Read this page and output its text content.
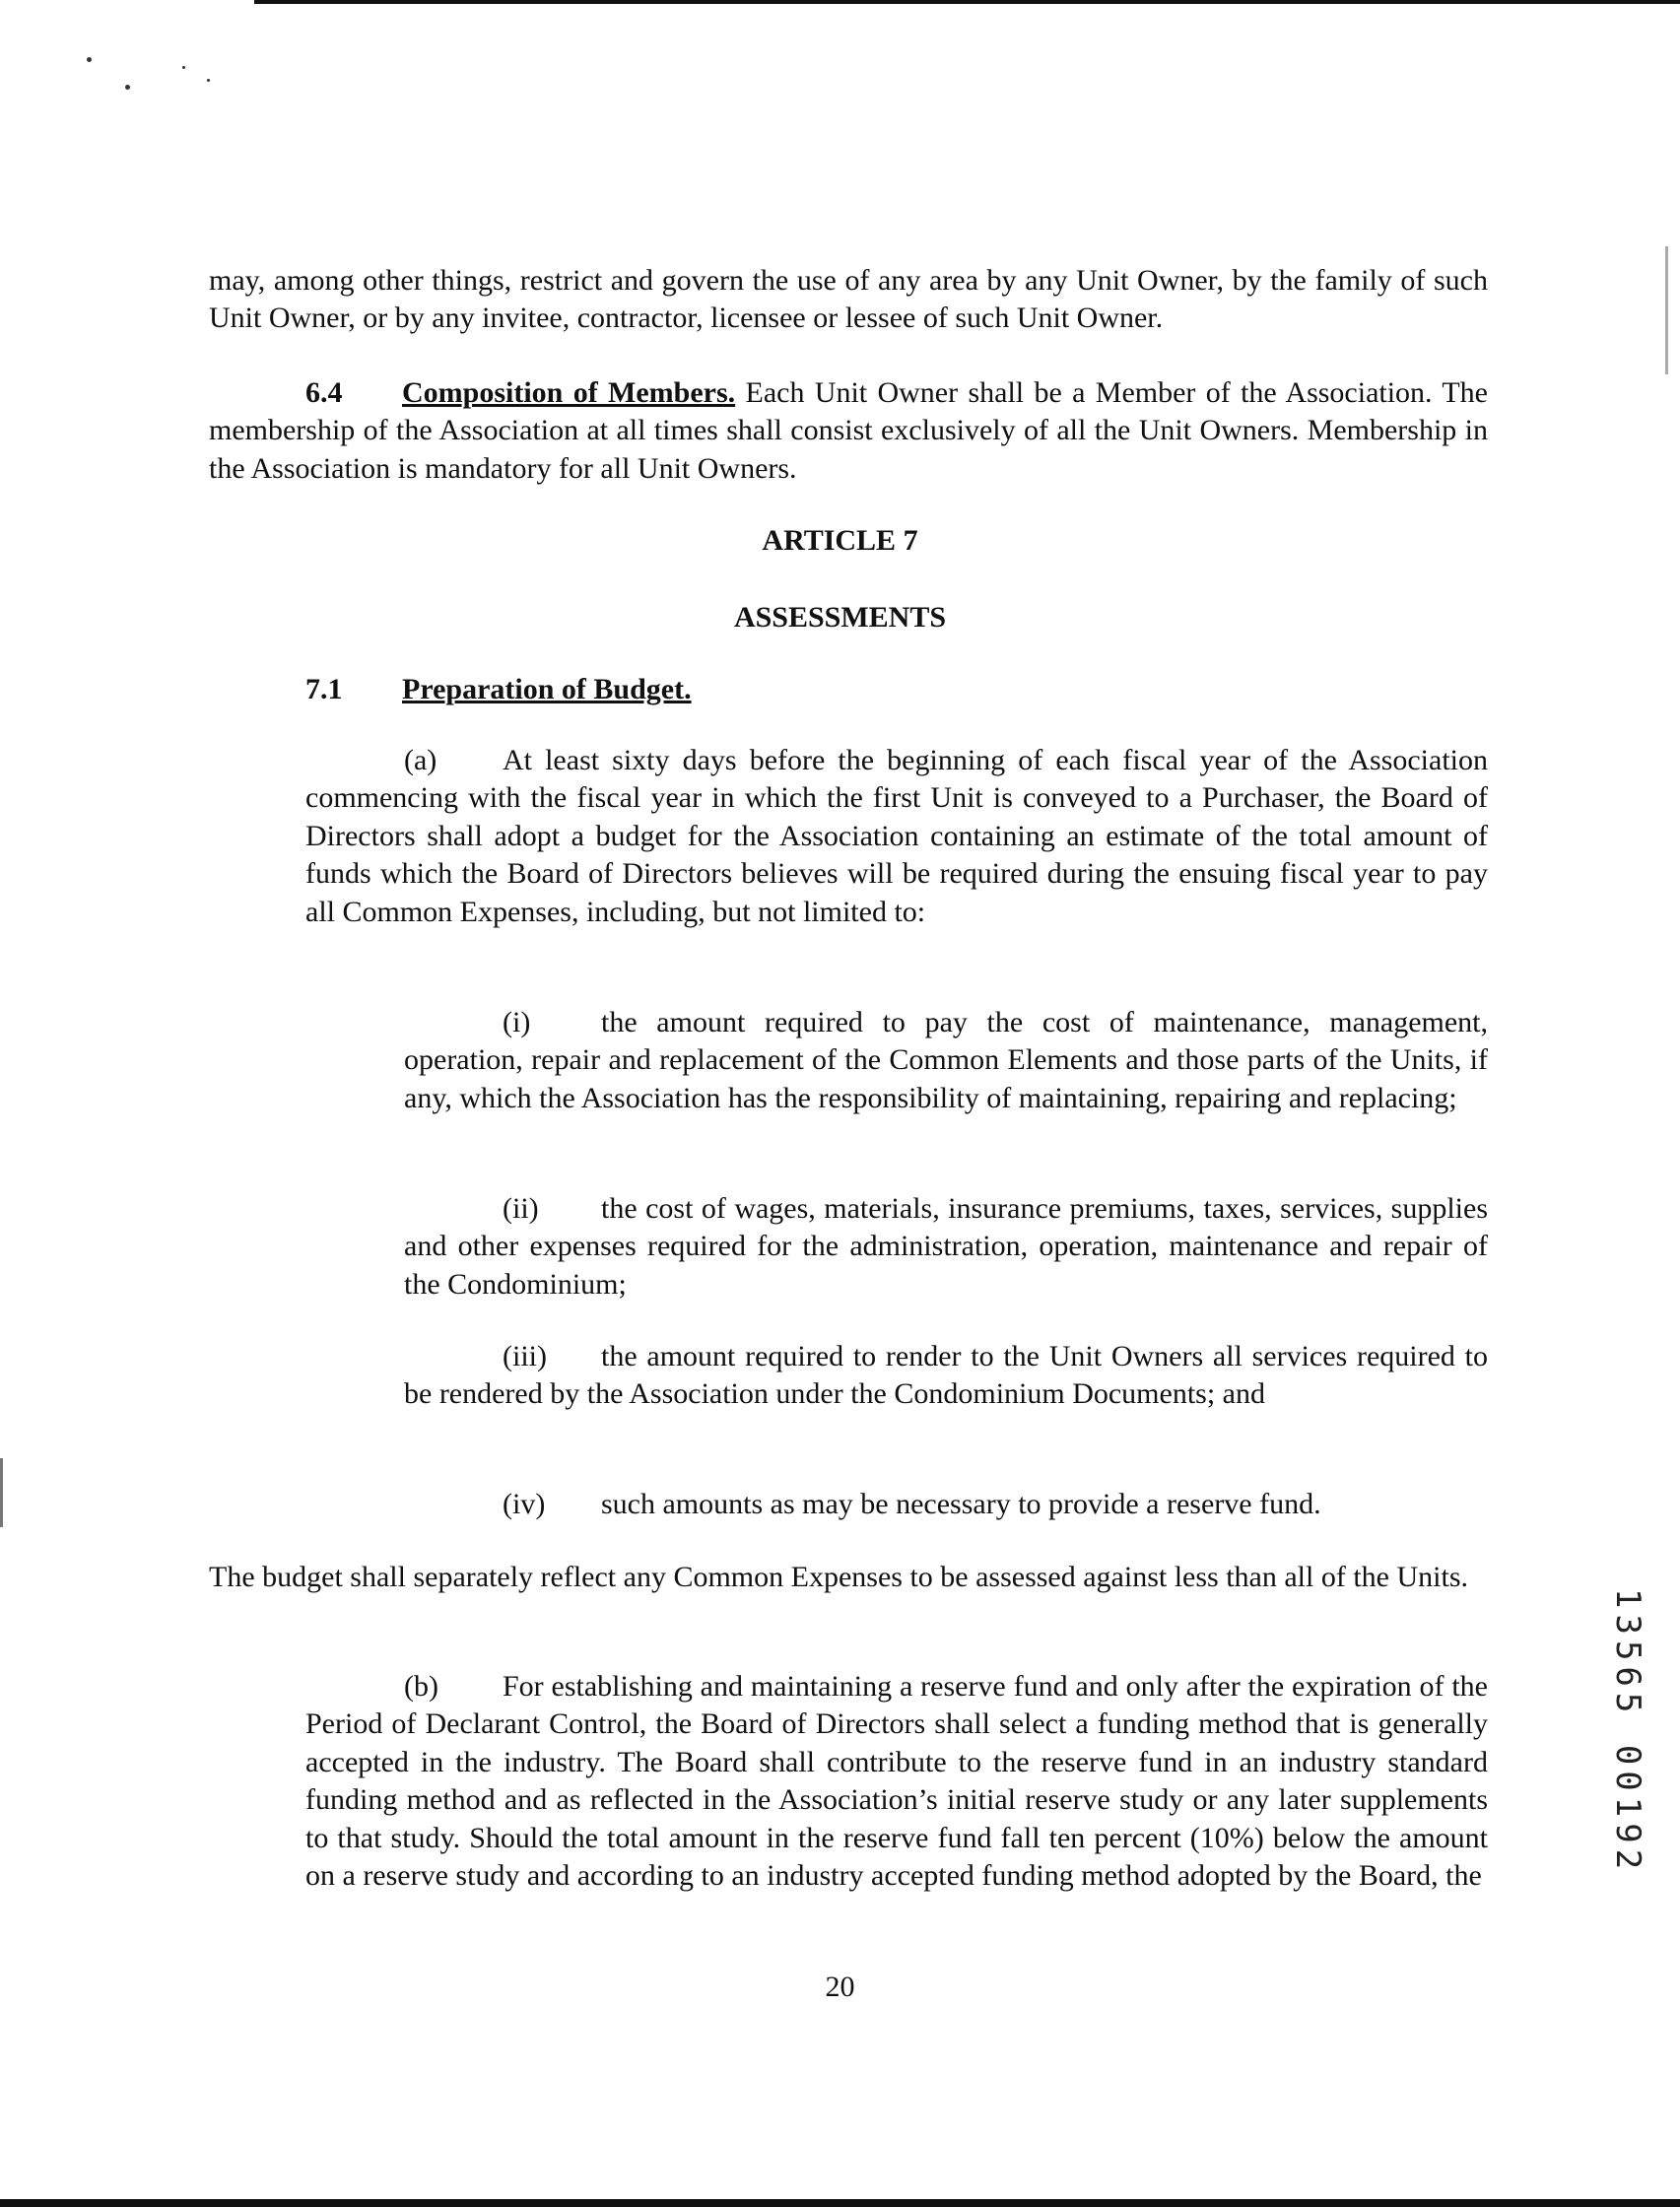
may, among other things, restrict and govern the use of any area by any Unit Owner, by the family of such Unit Owner, or by any invitee, contractor, licensee or lessee of such Unit Owner.

6.4 Composition of Members. Each Unit Owner shall be a Member of the Association. The membership of the Association at all times shall consist exclusively of all the Unit Owners. Membership in the Association is mandatory for all Unit Owners.

ARTICLE 7
ASSESSMENTS

7.1 Preparation of Budget.

(a) At least sixty days before the beginning of each fiscal year of the Association commencing with the fiscal year in which the first Unit is conveyed to a Purchaser, the Board of Directors shall adopt a budget for the Association containing an estimate of the total amount of funds which the Board of Directors believes will be required during the ensuing fiscal year to pay all Common Expenses, including, but not limited to:

(i) the amount required to pay the cost of maintenance, management, operation, repair and replacement of the Common Elements and those parts of the Units, if any, which the Association has the responsibility of maintaining, repairing and replacing;

(ii) the cost of wages, materials, insurance premiums, taxes, services, supplies and other expenses required for the administration, operation, maintenance and repair of the Condominium;

(iii) the amount required to render to the Unit Owners all services required to be rendered by the Association under the Condominium Documents; and

(iv) such amounts as may be necessary to provide a reserve fund.

The budget shall separately reflect any Common Expenses to be assessed against less than all of the Units.

(b) For establishing and maintaining a reserve fund and only after the expiration of the Period of Declarant Control, the Board of Directors shall select a funding method that is generally accepted in the industry. The Board shall contribute to the reserve fund in an industry standard funding method and as reflected in the Association’s initial reserve study or any later supplements to that study. Should the total amount in the reserve fund fall ten percent (10%) below the amount on a reserve study and according to an industry accepted funding method adopted by the Board, the

20

13565 00192
